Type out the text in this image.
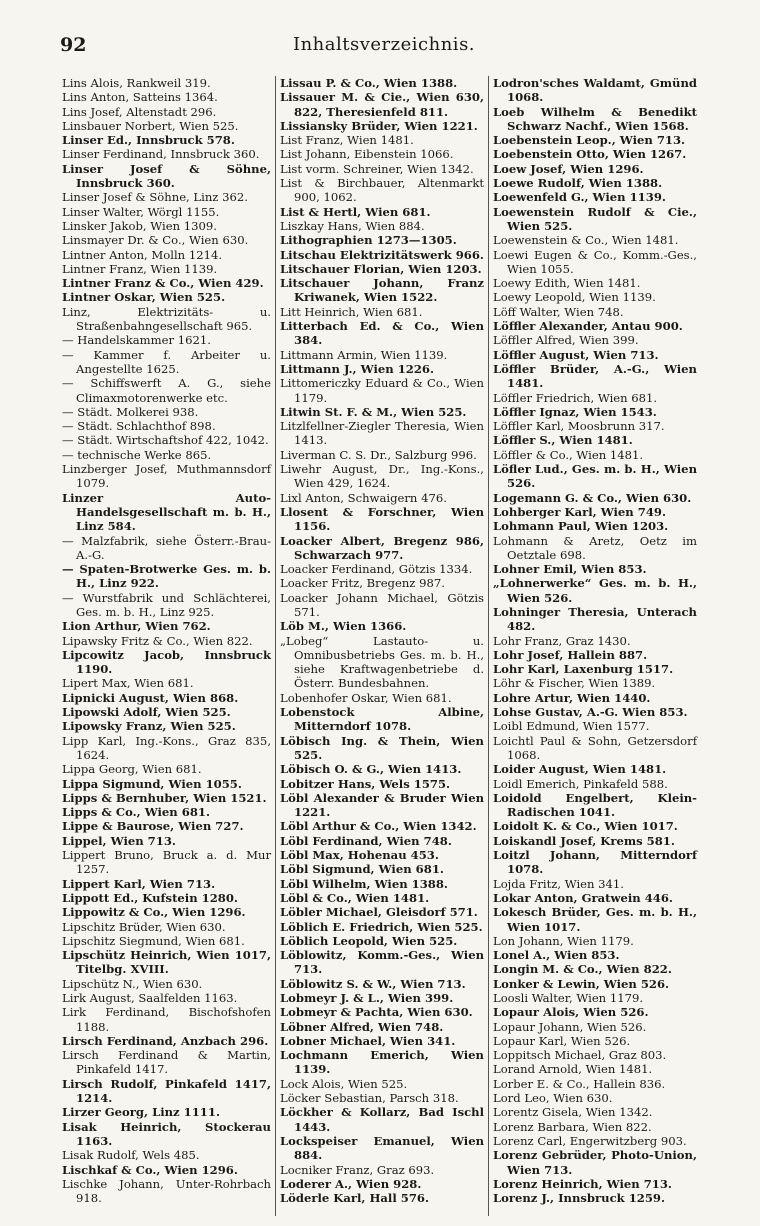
92	Inhaltsverzeichnis.
Lins Alois, Rankweil 319.
Lins Anton, Satteins 1364.
Lins Josef, Altenstadt 296.
Linsbauer Norbert, Wien 525.
Linser Ed., Innsbruck 578.
Linser Ferdinand, Innsbruck 360.
Linser Josef & Söhne, Innsbruck 360.
Linser Josef & Söhne, Linz 362.
Linser Walter, Wörgl 1155.
Linsker Jakob, Wien 1309.
Linsmayer Dr. & Co., Wien 630.
Lintner Anton, Molln 1214.
Lintner Franz, Wien 1139.
Lintner Franz & Co., Wien 429.
Lintner Oskar, Wien 525.
Linz, Elektrizitäts- u. Straßenbahngesellschaft 965.
— Handelskammer 1621.
— Kammer f. Arbeiter u. Angestellte 1625.
— Schiffswerft A. G., siehe Climaxmotorenwerke etc.
— Städt. Molkerei 938.
— Städt. Schlachthof 898.
— Städt. Wirtschaftshof 422, 1042.
— technische Werke 865.
Linzberger Josef, Muthmannsdorf 1079.
Linzer Auto-Handelsgesellschaft m. b. H., Linz 584.
— Malzfabrik, siehe Österr.-Brau-A.-G.
— Spaten-Brotwerke Ges. m. b. H., Linz 922.
— Wurstfabrik und Schlächterei, Ges. m. b. H., Linz 925.
Lion Arthur, Wien 762.
Lipawsky Fritz & Co., Wien 822.
Lipcowitz Jacob, Innsbruck 1190.
Lipert Max, Wien 681.
Lipnicki August, Wien 868.
Lipowski Adolf, Wien 525.
Lipowsky Franz, Wien 525.
Lipp Karl, Ing.-Kons., Graz 835, 1624.
Lippa Georg, Wien 681.
Lippa Sigmund, Wien 1055.
Lipps & Bernhuber, Wien 1521.
Lipps & Co., Wien 681.
Lippe & Baurose, Wien 727.
Lippel, Wien 713.
Lippert Bruno, Bruck a. d. Mur 1257.
Lippert Karl, Wien 713.
Lippott Ed., Kufstein 1280.
Lippowitz & Co., Wien 1296.
Lipschitz Brüder, Wien 630.
Lipschitz Siegmund, Wien 681.
Lipschütz Heinrich, Wien 1017, Titelbg. XVIII.
Lipschütz N., Wien 630.
Lirk August, Saalfelden 1163.
Lirk Ferdinand, Bischofshofen 1188.
Lirsch Ferdinand, Anzbach 296.
Lirsch Ferdinand & Martin, Pinkafeld 1417.
Lirsch Rudolf, Pinkafeld 1417, 1214.
Lirzer Georg, Linz 1111.
Lisak Heinrich, Stockerau 1163.
Lisak Rudolf, Wels 485.
Lischkaf & Co., Wien 1296.
Lischke Johann, Unter-Rohrbach 918.
Lissau P. & Co., Wien 1388.
Lissauer M. & Cie., Wien 630, 822, Theresienfeld 811.
Lissiansky Brüder, Wien 1221.
List Franz, Wien 1481.
List Johann, Eibenstein 1066.
List vorm. Schreiner, Wien 1342.
List & Birchbauer, Altenmarkt 900, 1062.
List & Hertl, Wien 681.
Liszkay Hans, Wien 884.
Lithographien 1273—1305.
Litschau Elektrizitätswerk 966.
Litschauer Florian, Wien 1203.
Litschauer Johann, Franz Kriwanek, Wien 1522.
Litt Heinrich, Wien 681.
Litterbach Ed. & Co., Wien 384.
Littmann Armin, Wien 1139.
Littmann J., Wien 1226.
Littomericzky Eduard & Co., Wien 1179.
Litwin St. F. & M., Wien 525.
Litzlfellner-Ziegler Theresia, Wien 1413.
Liverman C. S. Dr., Salzburg 996.
Liwehr August, Dr., Ing.-Kons., Wien 429, 1624.
Lixl Anton, Schwaigern 476.
Llosent & Forschner, Wien 1156.
Loacker Albert, Bregenz 986, Schwarzach 977.
Loacker Ferdinand, Götzis 1334.
Loacker Fritz, Bregenz 987.
Loacker Johann Michael, Götzis 571.
Löb M., Wien 1366.
„Lobeg“ Lastauto- u. Omnibusbetriebs Ges. m. b. H., siehe Kraftwagenbetriebe d. Österr. Bundesbahnen.
Lobenhofer Oskar, Wien 681.
Lobenstock Albine, Mitterndorf 1078.
Löbisch Ing. & Thein, Wien 525.
Löbisch O. & G., Wien 1413.
Lobitzer Hans, Wels 1575.
Löbl Alexander & Bruder Wien 1221.
Löbl Arthur & Co., Wien 1342.
Löbl Ferdinand, Wien 748.
Löbl Max, Hohenau 453.
Löbl Sigmund, Wien 681.
Löbl Wilhelm, Wien 1388.
Löbl & Co., Wien 1481.
Löbler Michael, Gleisdorf 571.
Löblich E. Friedrich, Wien 525.
Löblich Leopold, Wien 525.
Löblowitz, Komm.-Ges., Wien 713.
Löblowitz S. & W., Wien 713.
Lobmeyr J. & L., Wien 399.
Lobmeyr & Pachta, Wien 630.
Löbner Alfred, Wien 748.
Lobner Michael, Wien 341.
Lochmann Emerich, Wien 1139.
Lock Alois, Wien 525.
Löcker Sebastian, Parsch 318.
Löckher & Kollarz, Bad Ischl 1443.
Lockspeiser Emanuel, Wien 884.
Locniker Franz, Graz 693.
Loderer A., Wien 928.
Löderle Karl, Hall 576.
Lodron'sches Waldamt, Gmünd 1068.
Loeb Wilhelm & Benedikt Schwarz Nachf., Wien 1568.
Loebenstein Leop., Wien 713.
Loebenstein Otto, Wien 1267.
Loew Josef, Wien 1296.
Loewe Rudolf, Wien 1388.
Loewenfeld G., Wien 1139.
Loewenstein Rudolf & Cie., Wien 525.
Loewenstein & Co., Wien 1481.
Loewi Eugen & Co., Komm.-Ges., Wien 1055.
Loewy Edith, Wien 1481.
Loewy Leopold, Wien 1139.
Löff Walter, Wien 748.
Löffler Alexander, Antau 900.
Löffler Alfred, Wien 399.
Löffler August, Wien 713.
Löffler Brüder, A.-G., Wien 1481.
Löffler Friedrich, Wien 681.
Löffler Ignaz, Wien 1543.
Löffler Karl, Moosbrunn 317.
Löffler S., Wien 1481.
Löffler & Co., Wien 1481.
Löfler Lud., Ges. m. b. H., Wien 526.
Logemann G. & Co., Wien 630.
Lohberger Karl, Wien 749.
Lohmann Paul, Wien 1203.
Lohmann & Aretz, Oetz im Oetztale 698.
Lohner Emil, Wien 853.
„Lohnerwerke“ Ges. m. b. H., Wien 526.
Lohninger Theresia, Unterach 482.
Lohr Franz, Graz 1430.
Lohr Josef, Hallein 887.
Lohr Karl, Laxenburg 1517.
Löhr & Fischer, Wien 1389.
Lohre Artur, Wien 1440.
Lohse Gustav, A.-G. Wien 853.
Loibl Edmund, Wien 1577.
Loichtl Paul & Sohn, Getzersdorf 1068.
Loider August, Wien 1481.
Loidl Emerich, Pinkafeld 588.
Loidold Engelbert, Klein-Radischen 1041.
Loidolt K. & Co., Wien 1017.
Loiskandl Josef, Krems 581.
Loitzl Johann, Mitterndorf 1078.
Lojda Fritz, Wien 341.
Lokar Anton, Gratwein 446.
Lokesch Brüder, Ges. m. b. H., Wien 1017.
Lon Johann, Wien 1179.
Lonel A., Wien 853.
Longin M. & Co., Wien 822.
Lonker & Lewin, Wien 526.
Loosli Walter, Wien 1179.
Lopaur Alois, Wien 526.
Lopaur Johann, Wien 526.
Lopaur Karl, Wien 526.
Loppitsch Michael, Graz 803.
Lorand Arnold, Wien 1481.
Lorber E. & Co., Hallein 836.
Lord Leo, Wien 630.
Lorentz Gisela, Wien 1342.
Lorenz Barbara, Wien 822.
Lorenz Carl, Engerwitzberg 903.
Lorenz Gebrüder, Photo-Union, Wien 713.
Lorenz Heinrich, Wien 713.
Lorenz J., Innsbruck 1259.
